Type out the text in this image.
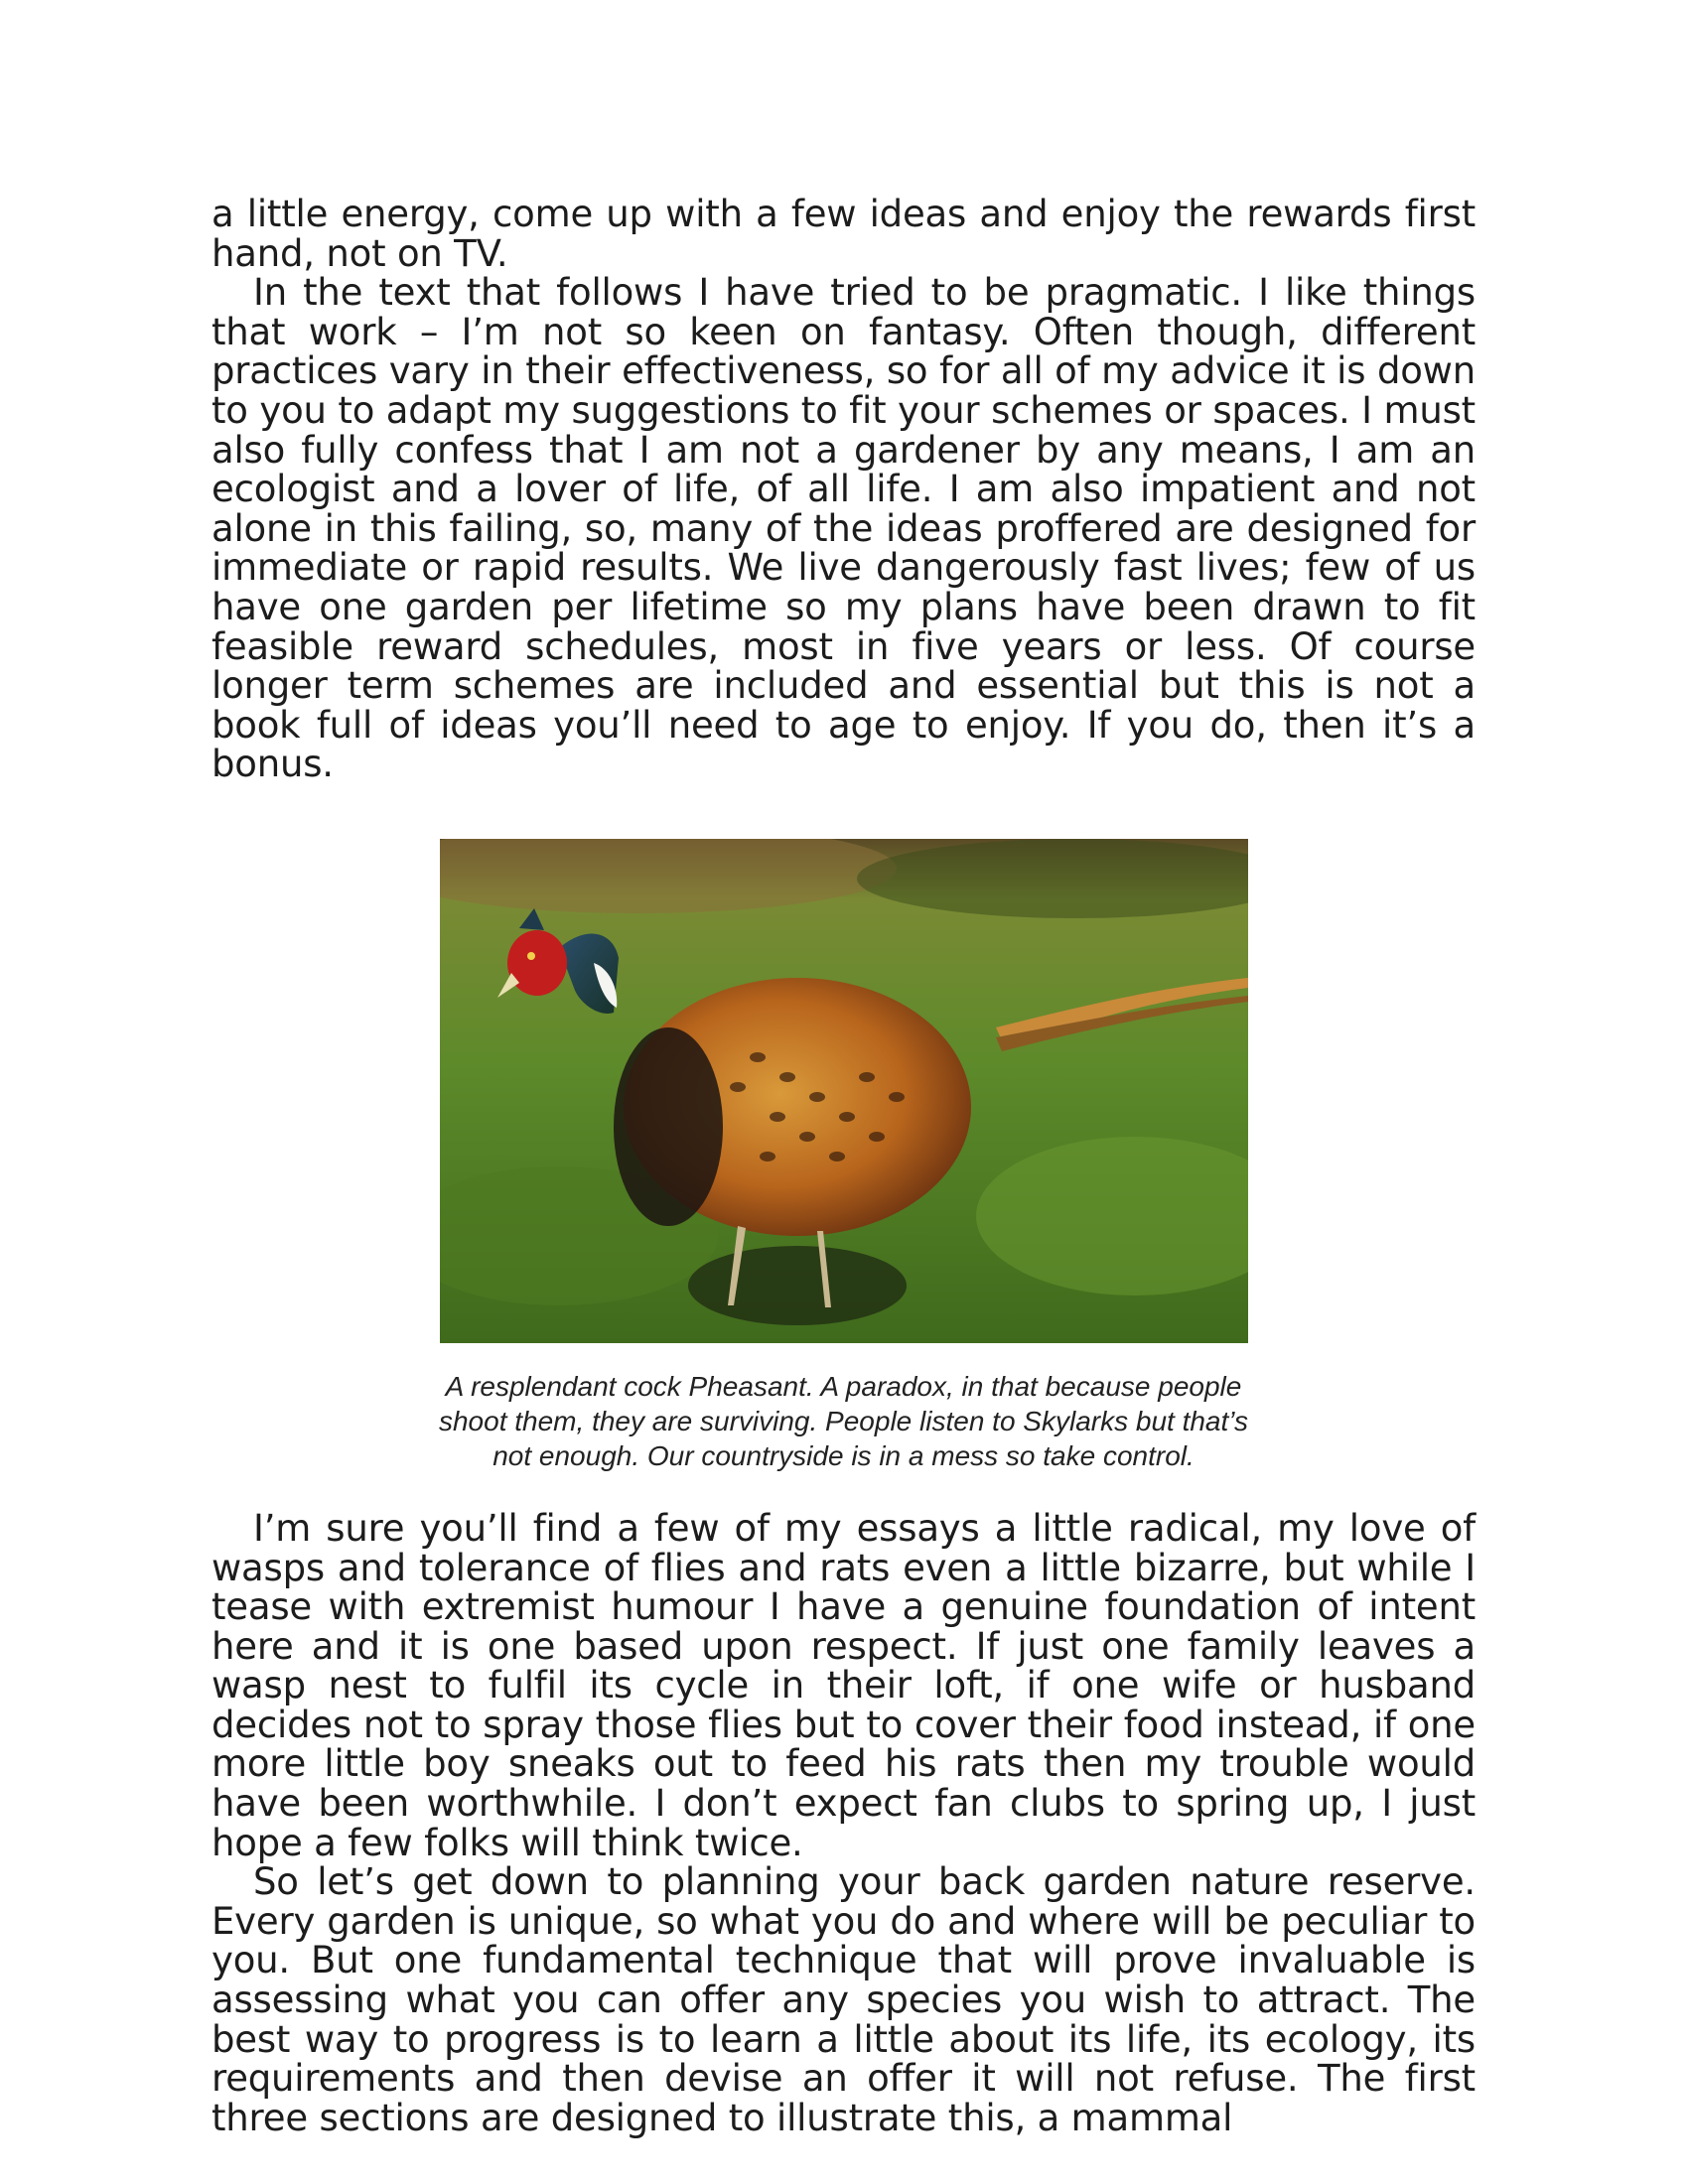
a little energy, come up with a few ideas and enjoy the rewards first hand, not on TV.

In the text that follows I have tried to be pragmatic. I like things that work – I’m not so keen on fantasy. Often though, different practices vary in their effectiveness, so for all of my advice it is down to you to adapt my suggestions to fit your schemes or spaces. I must also fully confess that I am not a gardener by any means, I am an ecologist and a lover of life, of all life. I am also impatient and not alone in this failing, so, many of the ideas proffered are designed for immediate or rapid results. We live dangerously fast lives; few of us have one garden per lifetime so my plans have been drawn to fit feasible reward schedules, most in five years or less. Of course longer term schemes are included and essential but this is not a book full of ideas you’ll need to age to enjoy. If you do, then it’s a bonus.

A resplendant cock Pheasant. A paradox, in that because people shoot them, they are surviving. People listen to Skylarks but that’s not enough. Our countryside is in a mess so take control.

I’m sure you’ll find a few of my essays a little radical, my love of wasps and tolerance of flies and rats even a little bizarre, but while I tease with extremist humour I have a genuine foundation of intent here and it is one based upon respect. If just one family leaves a wasp nest to fulfil its cycle in their loft, if one wife or husband decides not to spray those flies but to cover their food instead, if one more little boy sneaks out to feed his rats then my trouble would have been worthwhile. I don’t expect fan clubs to spring up, I just hope a few folks will think twice.

So let’s get down to planning your back garden nature reserve. Every garden is unique, so what you do and where will be peculiar to you. But one fundamental technique that will prove invaluable is assessing what you can offer any species you wish to attract. The best way to progress is to learn a little about its life, its ecology, its requirements and then devise an offer it will not refuse. The first three sections are designed to illustrate this, a mammal
